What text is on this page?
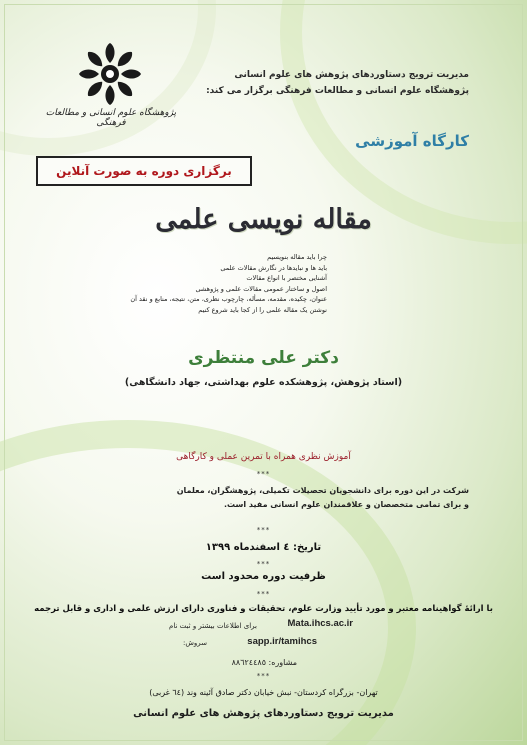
مدیریت ترویج دستاوردهای پژوهش های علوم انسانی
پژوهشگاه علوم انسانی و مطالعات فرهنگی برگزار می کند:
پژوهشگاه علوم انسانی و مطالعات فرهنگی
کارگاه آموزشی
برگزاری دوره به صورت آنلاین
مقاله نویسی علمی
چرا باید مقاله بنویسیم
باید ها و نبایدها در نگارش مقالات علمی
آشنایی مختصر با انواع مقالات
اصول و ساختار عمومی مقالات علمی و پژوهشی
عنوان، چکیده، مقدمه، مسأله، چارچوب نظری، متن، نتیجه، منابع و نقد آن
نوشتن یک مقاله علمی را از کجا باید شروع کنیم
دکتر علی منتظری
(استاد پژوهش، پژوهشکده علوم بهداشتی، جهاد دانشگاهی)
آموزش نظری همراه با تمرین عملی و کارگاهی
***
شرکت در این دوره برای دانشجویان تحصیلات تکمیلی، پژوهشگران، معلمان
و برای تمامی متخصصان و علاقمندان علوم انسانی مفید است.
***
تاریخ: ٤ اسفندماه ١٣٩٩
***
ظرفیت دوره محدود است
***
با ارائهٔ گواهینامه معتبر و مورد تأیید وزارت علوم، تحقیقات و فناوری دارای ارزش علمی و اداری و قابل ترجمه
برای اطلاعات بیشتر و ثبت نام	Mata.ihcs.ac.ir
سروش:	sapp.ir/tamihcs
مشاوره: ٨٨٦٢٤٤٨٥
***
تهران- بزرگراه کردستان- نبش خیابان دکتر صادق آئینه وند (٦٤ غربی)
مدیریت ترویج دستاوردهای پژوهش های علوم انسانی
